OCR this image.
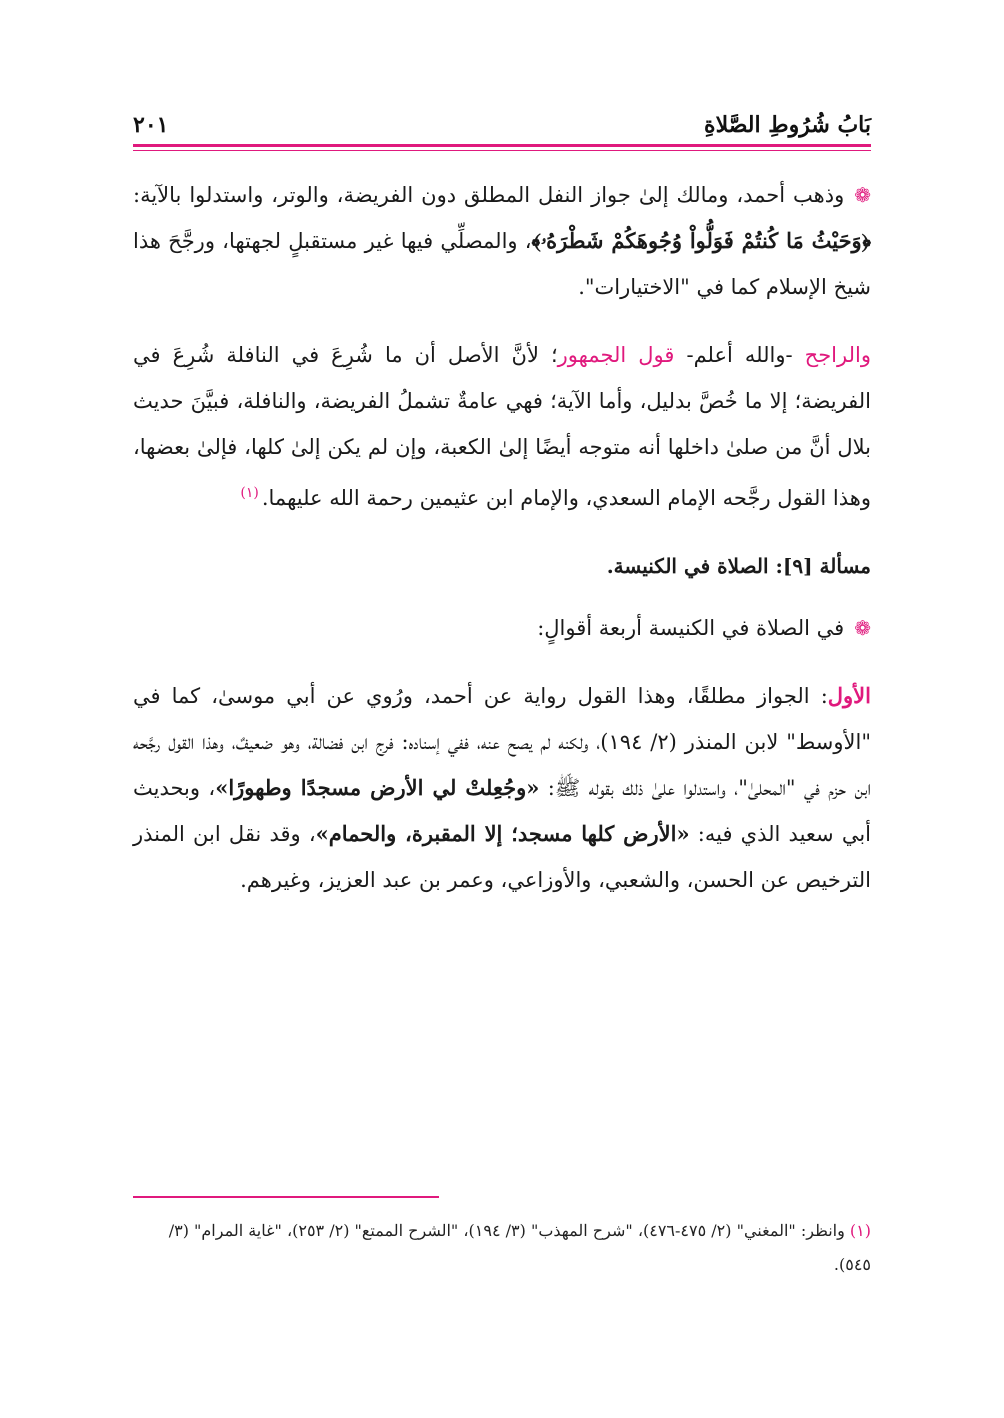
بَابُ شُرُوطِ الصَّلاةِ
٢٠١

❁وذهب أحمد، ومالك إلىٰ جواز النفل المطلق دون الفريضة، والوتر، واستدلوا بالآية: ﴿وَحَيْثُ مَا كُنتُمْ فَوَلُّواْ وُجُوهَكُمْ شَطْرَهُۥ﴾، والمصلِّي فيها غير مستقبلٍ لجهتها، ورجَّحَ هذا شيخ الإسلام كما في "الاختيارات".

والراجح -والله أعلم- قول الجمهور؛ لأنَّ الأصل أن ما شُرِعَ في النافلة شُرِعَ في الفريضة؛ إلا ما خُصَّ بدليل، وأما الآية؛ فهي عامةٌ تشملُ الفريضة، والنافلة، فبيَّنَ حديث بلال أنَّ من صلىٰ داخلها أنه متوجه أيضًا إلىٰ الكعبة، وإن لم يكن إلىٰ كلها، فإلىٰ بعضها، وهذا القول رجَّحه الإمام السعدي، والإمام ابن عثيمين رحمة الله عليهما.$^{(١)}$

مسألة [٩]: الصلاة في الكنيسة.

❁في الصلاة في الكنيسة أربعة أقوالٍ:

الأول: الجواز مطلقًا، وهذا القول رواية عن أحمد، ورُوي عن أبي موسىٰ، كما في "الأوسط" لابن المنذر (٢/ ١٩٤)، ولكنه لم يصح عنه، ففي إسناده: فرج ابن فضالة، وهو ضعيفٌ، وهذا القول رجَّحه ابن حزم في "المحلىٰ"، واستدلوا علىٰ ذلك بقوله ﷺ: «وجُعِلتْ لي الأرض مسجدًا وطهورًا»، وبحديث أبي سعيد الذي فيه: «الأرض كلها مسجد؛ إلا المقبرة، والحمام»، وقد نقل ابن المنذر الترخيص عن الحسن، والشعبي، والأوزاعي، وعمر بن عبد العزيز، وغيرهم.

(١) وانظر: "المغني" (٢/ ٤٧٥-٤٧٦)، "شرح المهذب" (٣/ ١٩٤)، "الشرح الممتع" (٢/ ٢٥٣)، "غاية المرام" (٣/ ٥٤٥).
